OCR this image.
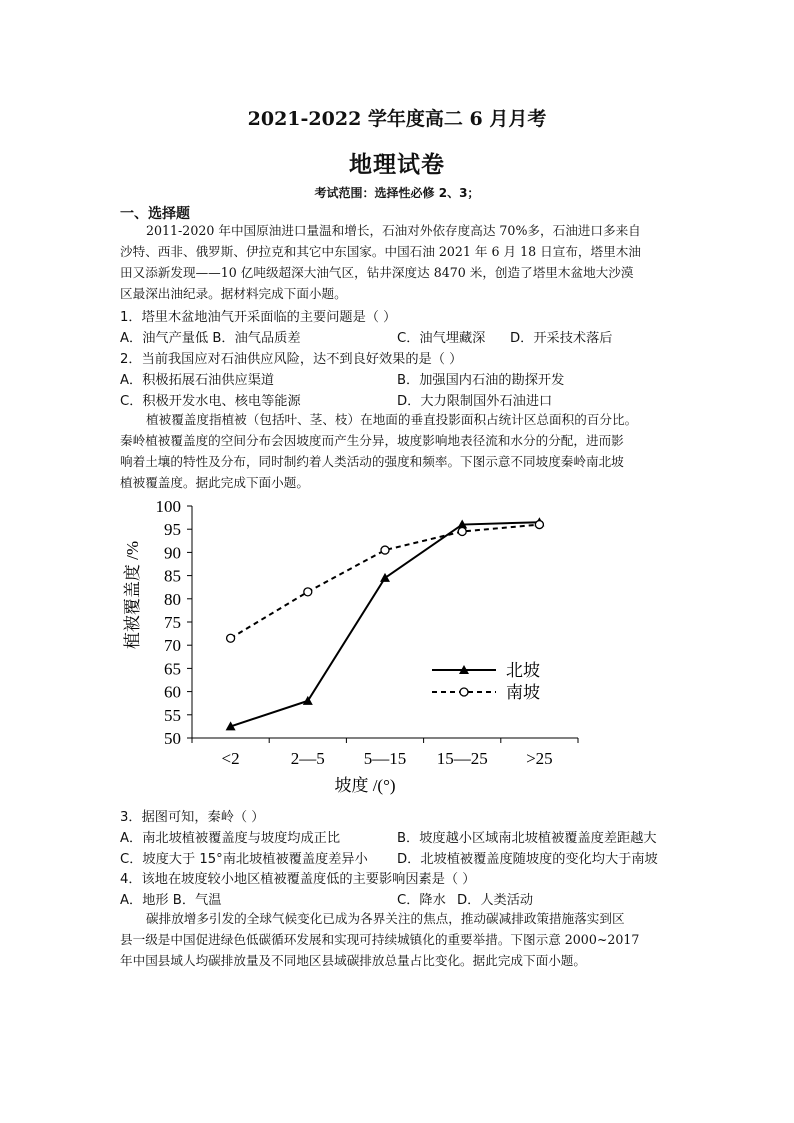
2021-2022 学年度高二 6 月月考
地理试卷
考试范围：选择性必修 2、3；
一、选择题

2011-2020 年中国原油进口量温和增长，石油对外依存度高达 70%多，石油进口多来自

沙特、西非、俄罗斯、伊拉克和其它中东国家。中国石油 2021 年 6 月 18 日宣布，塔里木油

田又添新发现——10 亿吨级超深大油气区，钻井深度达 8470 米，创造了塔里木盆地大沙漠

区最深出油纪录。据材料完成下面小题。

1．塔里木盆地油气开采面临的主要问题是（ ）
A．油气产量低 B．油气品质差	C．油气埋藏深 D．开采技术落后
2．当前我国应对石油供应风险，达不到良好效果的是（ ）
A．积极拓展石油供应渠道	B．加强国内石油的勘探开发
C．积极开发水电、核电等能源	D．大力限制国外石油进口

植被覆盖度指植被（包括叶、茎、枝）在地面的垂直投影面积占统计区总面积的百分比。

秦岭植被覆盖度的空间分布会因坡度而产生分异，坡度影响地表径流和水分的分配，进而影

响着土壤的特性及分布，同时制约着人类活动的强度和频率。下图示意不同坡度秦岭南北坡

植被覆盖度。据此完成下面小题。

50
55
60
65
70
75
80
85
90
95
100
<2	2—5 5—15 15—25 >25
植被覆盖度 /%
坡度 /(°)
北坡
南坡
3．据图可知，秦岭（ ）
A．南北坡植被覆盖度与坡度均成正比	B．坡度越小区域南北坡植被覆盖度差距越大
C．坡度大于 15°南北坡植被覆盖度差异小 D．北坡植被覆盖度随坡度的变化均大于南坡
4．该地在坡度较小地区植被覆盖度低的主要影响因素是（ ）
A．地形 B．气温	C．降水 D．人类活动

碳排放增多引发的全球气候变化已成为各界关注的焦点，推动碳减排政策措施落实到区

县一级是中国促进绿色低碳循环发展和实现可持续城镇化的重要举措。下图示意 2000~2017

年中国县域人均碳排放量及不同地区县域碳排放总量占比变化。据此完成下面小题。
